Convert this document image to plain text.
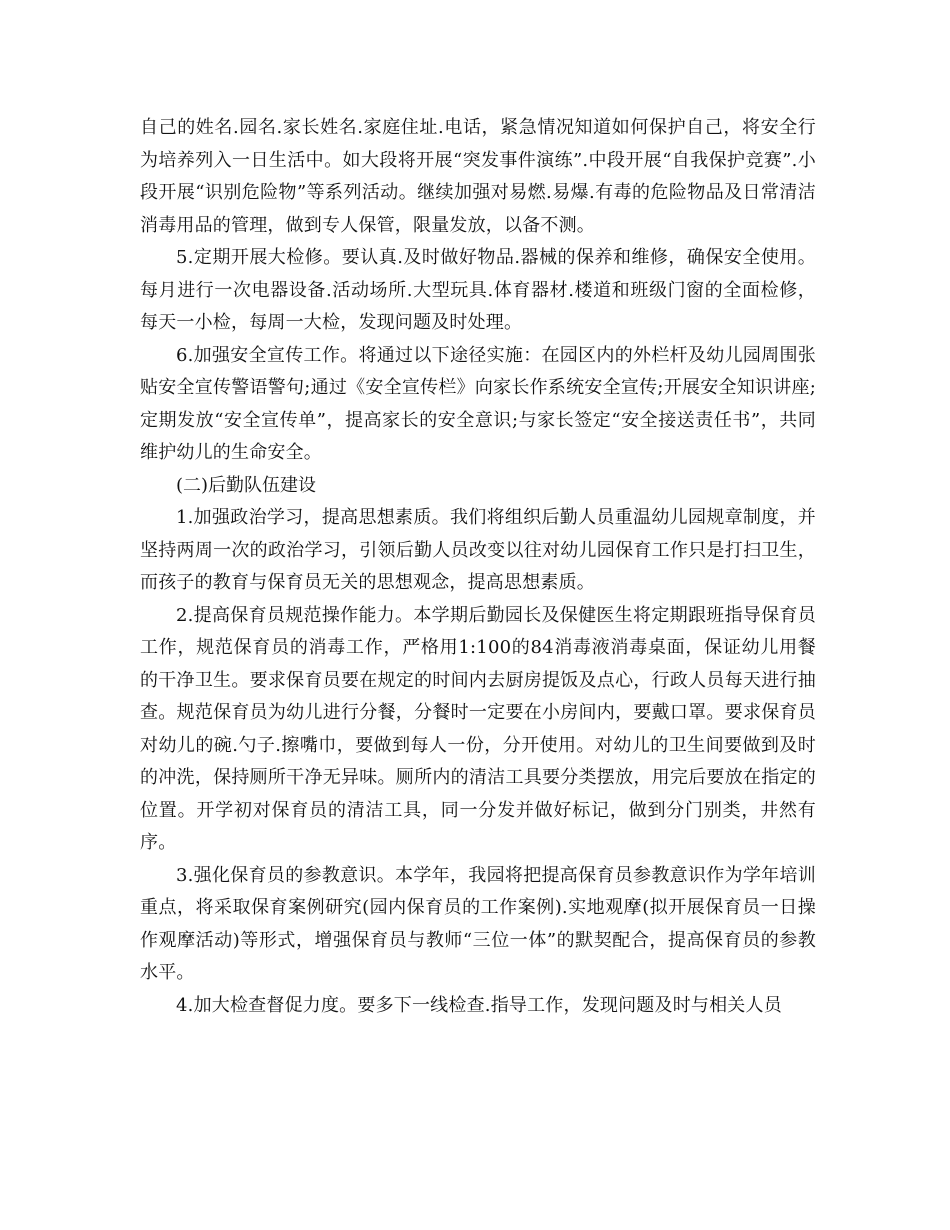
自己的姓名.园名.家长姓名.家庭住址.电话，紧急情况知道如何保护自己，将安全行为培养列入一日生活中。如大段将开展“突发事件演练”.中段开展“自我保护竞赛”.小段开展“识别危险物”等系列活动。继续加强对易燃.易爆.有毒的危险物品及日常清洁消毒用品的管理，做到专人保管，限量发放，以备不测。

5.定期开展大检修。要认真.及时做好物品.器械的保养和维修，确保安全使用。每月进行一次电器设备.活动场所.大型玩具.体育器材.楼道和班级门窗的全面检修，每天一小检，每周一大检，发现问题及时处理。

6.加强安全宣传工作。将通过以下途径实施：在园区内的外栏杆及幼儿园周围张贴安全宣传警语警句;通过《安全宣传栏》向家长作系统安全宣传;开展安全知识讲座;定期发放“安全宣传单”，提高家长的安全意识;与家长签定“安全接送责任书”，共同维护幼儿的生命安全。

(二)后勤队伍建设

1.加强政治学习，提高思想素质。我们将组织后勤人员重温幼儿园规章制度，并坚持两周一次的政治学习，引领后勤人员改变以往对幼儿园保育工作只是打扫卫生，而孩子的教育与保育员无关的思想观念，提高思想素质。

2.提高保育员规范操作能力。本学期后勤园长及保健医生将定期跟班指导保育员工作，规范保育员的消毒工作，严格用1:100的84消毒液消毒桌面，保证幼儿用餐的干净卫生。要求保育员要在规定的时间内去厨房提饭及点心，行政人员每天进行抽查。规范保育员为幼儿进行分餐，分餐时一定要在小房间内，要戴口罩。要求保育员对幼儿的碗.勺子.擦嘴巾，要做到每人一份，分开使用。对幼儿的卫生间要做到及时的冲洗，保持厕所干净无异味。厕所内的清洁工具要分类摆放，用完后要放在指定的位置。开学初对保育员的清洁工具，同一分发并做好标记，做到分门别类，井然有序。

3.强化保育员的参教意识。本学年，我园将把提高保育员参教意识作为学年培训重点，将采取保育案例研究(园内保育员的工作案例).实地观摩(拟开展保育员一日操作观摩活动)等形式，增强保育员与教师“三位一体”的默契配合，提高保育员的参教水平。

4.加大检查督促力度。要多下一线检查.指导工作，发现问题及时与相关人员
